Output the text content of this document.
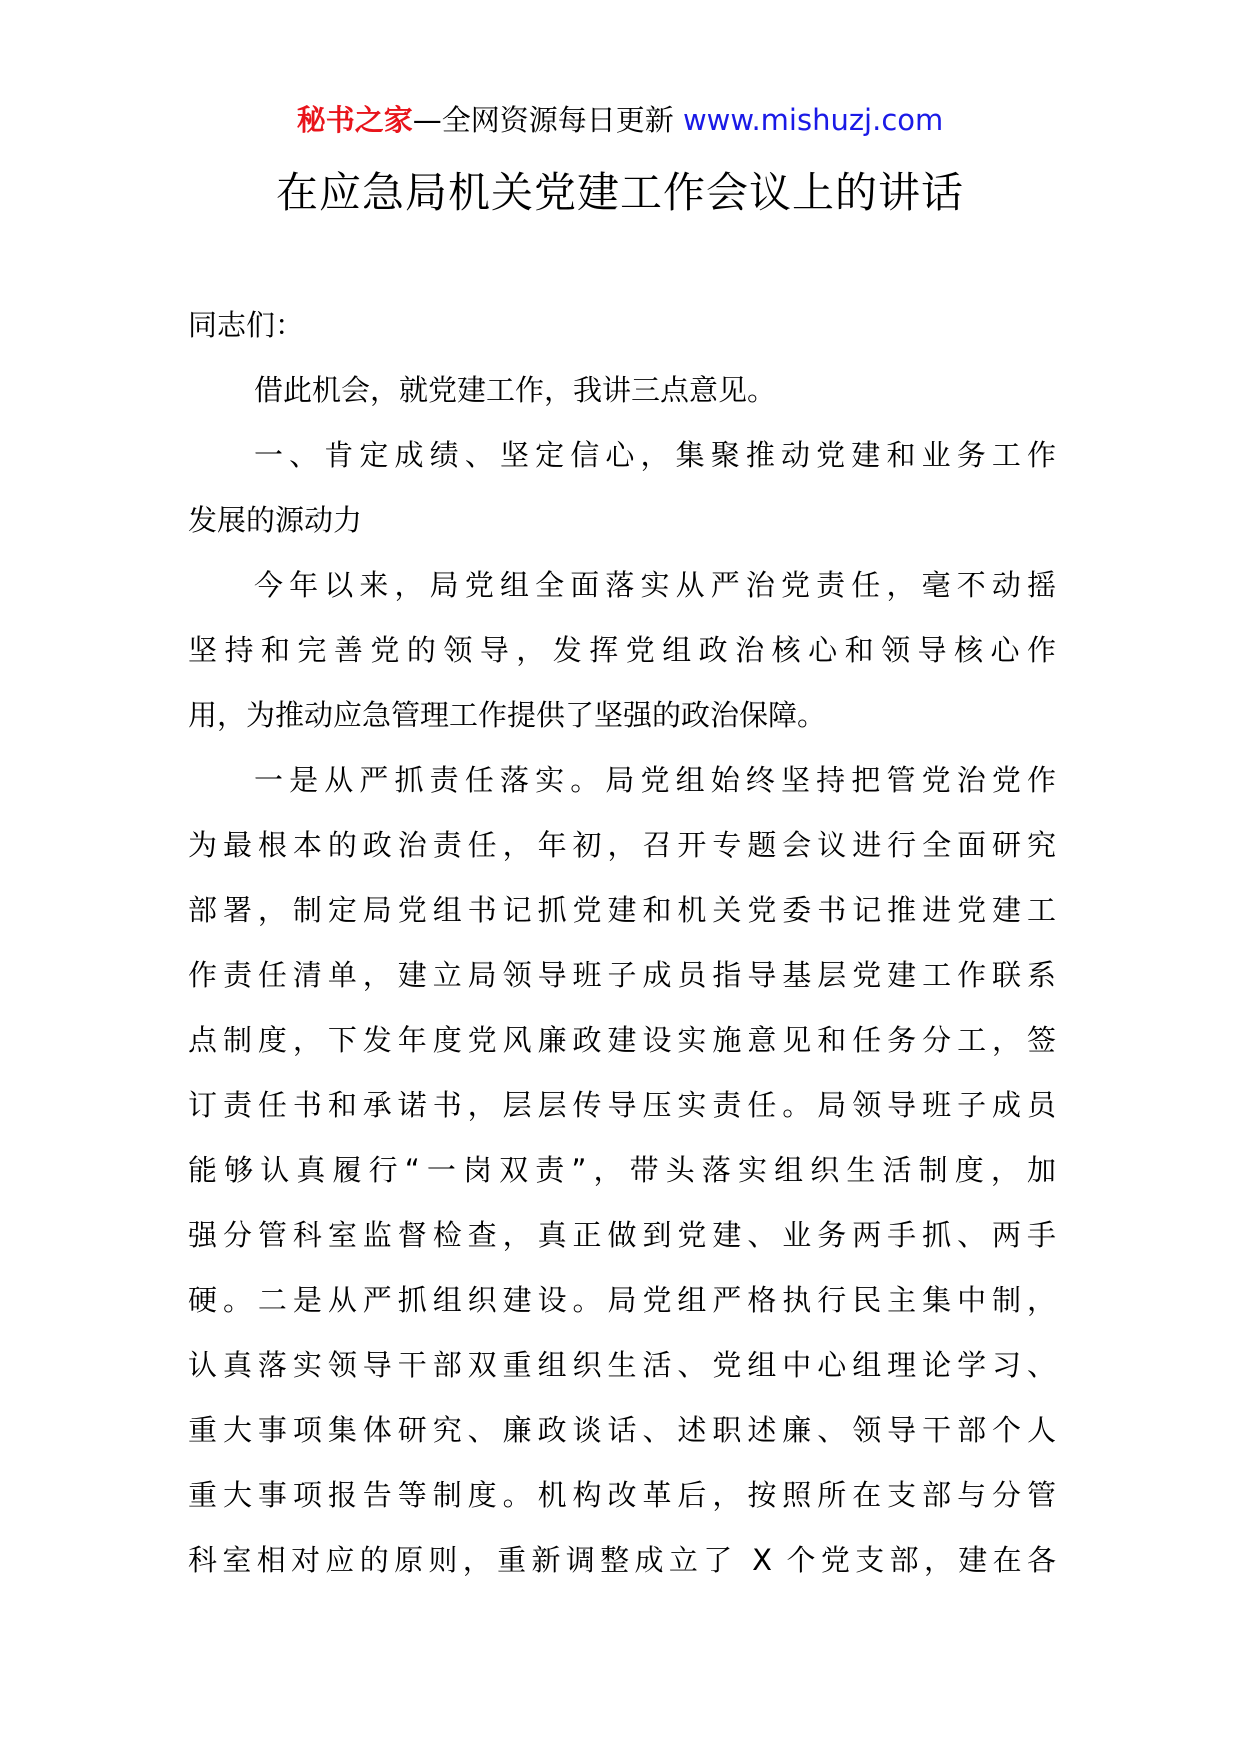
秘书之家—全网资源每日更新 www.mishuzj.com
在应急局机关党建工作会议上的讲话
同志们：
借此机会，就党建工作，我讲三点意见。
一、肯定成绩、坚定信心，集聚推动党建和业务工作
发展的源动力
今年以来，局党组全面落实从严治党责任，毫不动摇
坚持和完善党的领导，发挥党组政治核心和领导核心作
用，为推动应急管理工作提供了坚强的政治保障。
一是从严抓责任落实。局党组始终坚持把管党治党作
为最根本的政治责任，年初，召开专题会议进行全面研究
部署，制定局党组书记抓党建和机关党委书记推进党建工
作责任清单，建立局领导班子成员指导基层党建工作联系
点制度，下发年度党风廉政建设实施意见和任务分工，签
订责任书和承诺书，层层传导压实责任。局领导班子成员
能够认真履行“一岗双责”，带头落实组织生活制度，加
强分管科室监督检查，真正做到党建、业务两手抓、两手
硬。二是从严抓组织建设。局党组严格执行民主集中制，
认真落实领导干部双重组织生活、党组中心组理论学习、
重大事项集体研究、廉政谈话、述职述廉、领导干部个人
重大事项报告等制度。机构改革后，按照所在支部与分管
科室相对应的原则，重新调整成立了 X 个党支部，建在各
